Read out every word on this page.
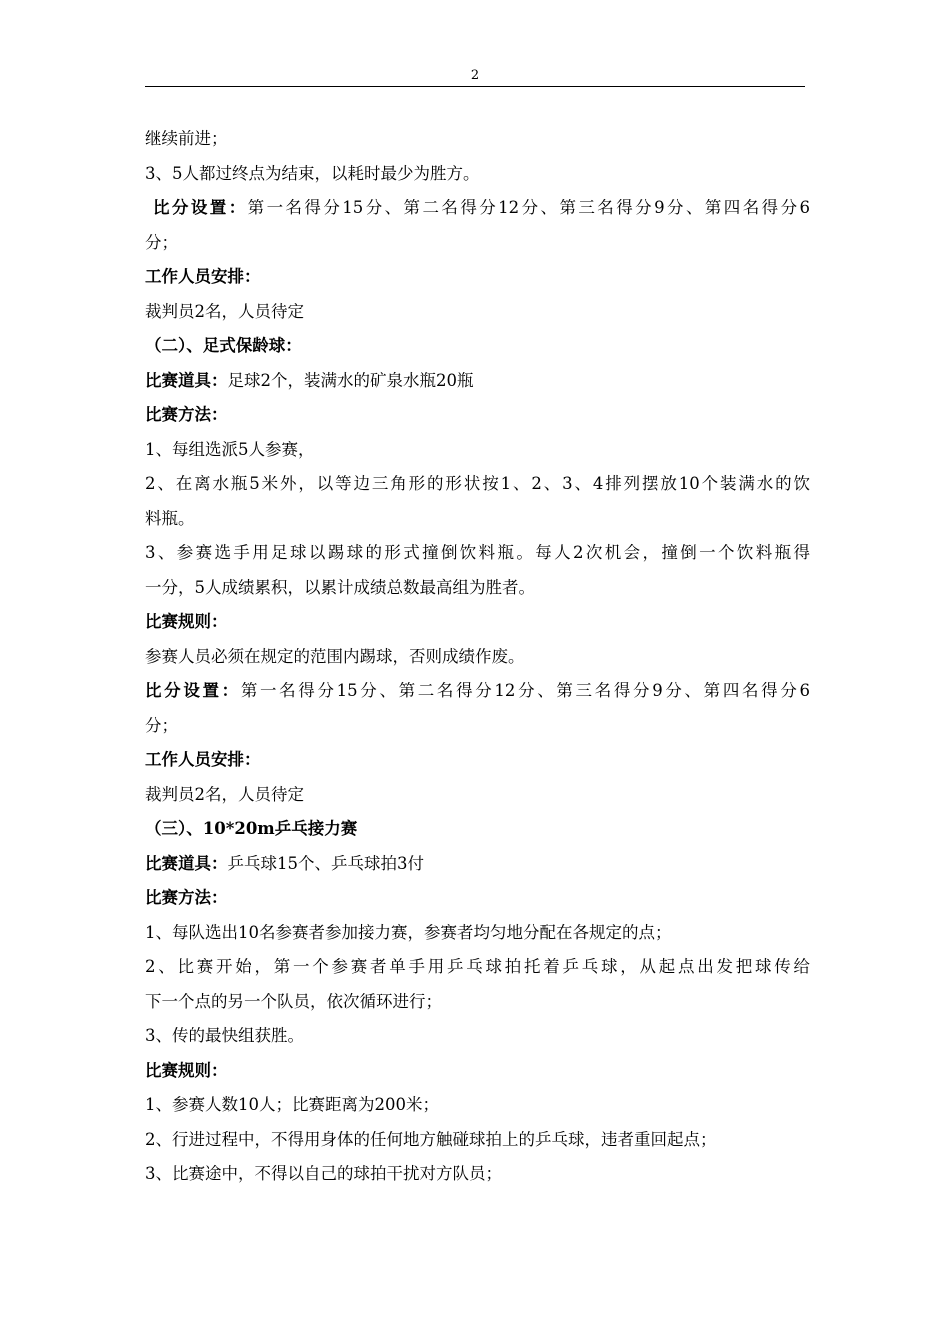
2
继续前进；
3、5人都过终点为结束，以耗时最少为胜方。
比分设置：第一名得分15分、第二名得分12分、第三名得分9分、第四名得分6
分；
工作人员安排：
裁判员2名，人员待定
（二）、足式保龄球：
比赛道具：足球2个，装满水的矿泉水瓶20瓶
比赛方法：
1、每组选派5人参赛，
2、在离水瓶5米外，以等边三角形的形状按1、2、3、4排列摆放10个装满水的饮
料瓶。
3、参赛选手用足球以踢球的形式撞倒饮料瓶。每人2次机会，撞倒一个饮料瓶得
一分，5人成绩累积，以累计成绩总数最高组为胜者。
比赛规则：
参赛人员必须在规定的范围内踢球，否则成绩作废。
比分设置：第一名得分15分、第二名得分12分、第三名得分9分、第四名得分6
分；
工作人员安排：
裁判员2名，人员待定
（三）、10*20m乒乓接力赛
比赛道具：乒乓球15个、乒乓球拍3付
比赛方法：
1、每队选出10名参赛者参加接力赛，参赛者均匀地分配在各规定的点；
2、比赛开始，第一个参赛者单手用乒乓球拍托着乒乓球，从起点出发把球传给
下一个点的另一个队员，依次循环进行；
3、传的最快组获胜。
比赛规则：
1、参赛人数10人；比赛距离为200米；
2、行进过程中，不得用身体的任何地方触碰球拍上的乒乓球，违者重回起点；
3、比赛途中，不得以自己的球拍干扰对方队员；
